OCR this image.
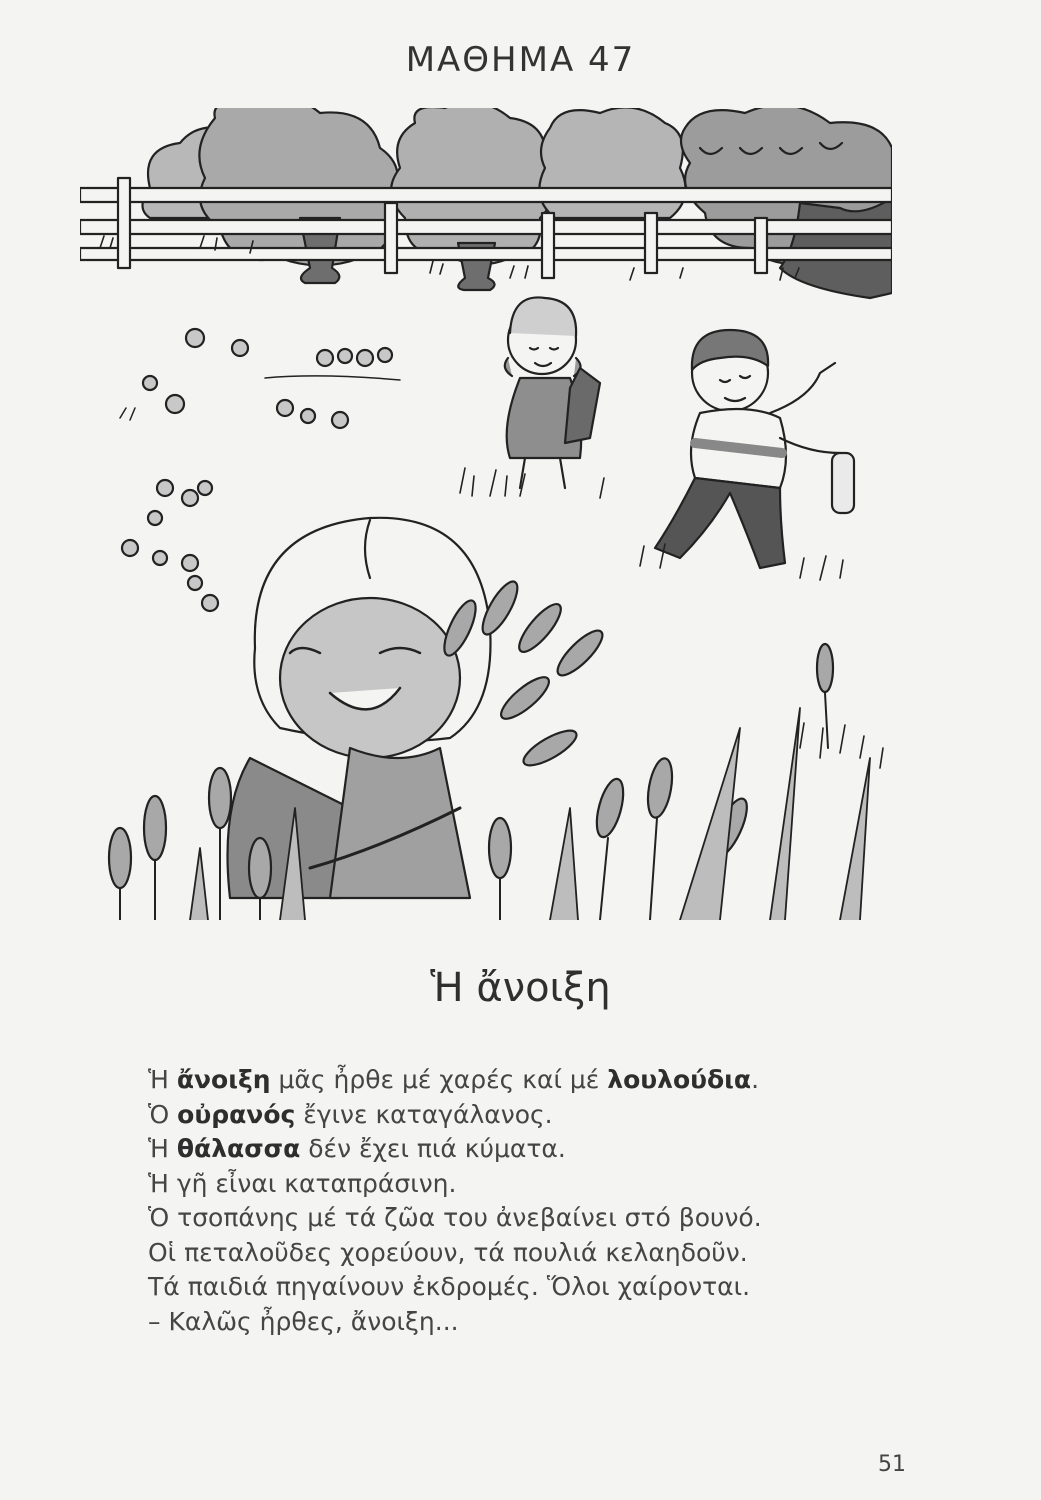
ΜΑΘΗΜΑ 47
Ἡ ἄνοιξη
Ἡ ἄνοιξη μᾶς ἦρθε μέ χαρές καί μέ λουλούδια.
Ὁ οὐρανός ἔγινε καταγάλανος.
Ἡ θάλασσα δέν ἔχει πιά κύματα.
Ἡ γῆ εἶναι καταπράσινη.
Ὁ τσοπάνης μέ τά ζῶα του ἀνεβαίνει στό βουνό.
Οἱ πεταλοῦδες χορεύουν, τά πουλιά κελαηδοῦν.
Τά παιδιά πηγαίνουν ἐκδρομές. Ὅλοι χαίρονται.
– Καλῶς ἦρθες, ἄνοιξη...
51
